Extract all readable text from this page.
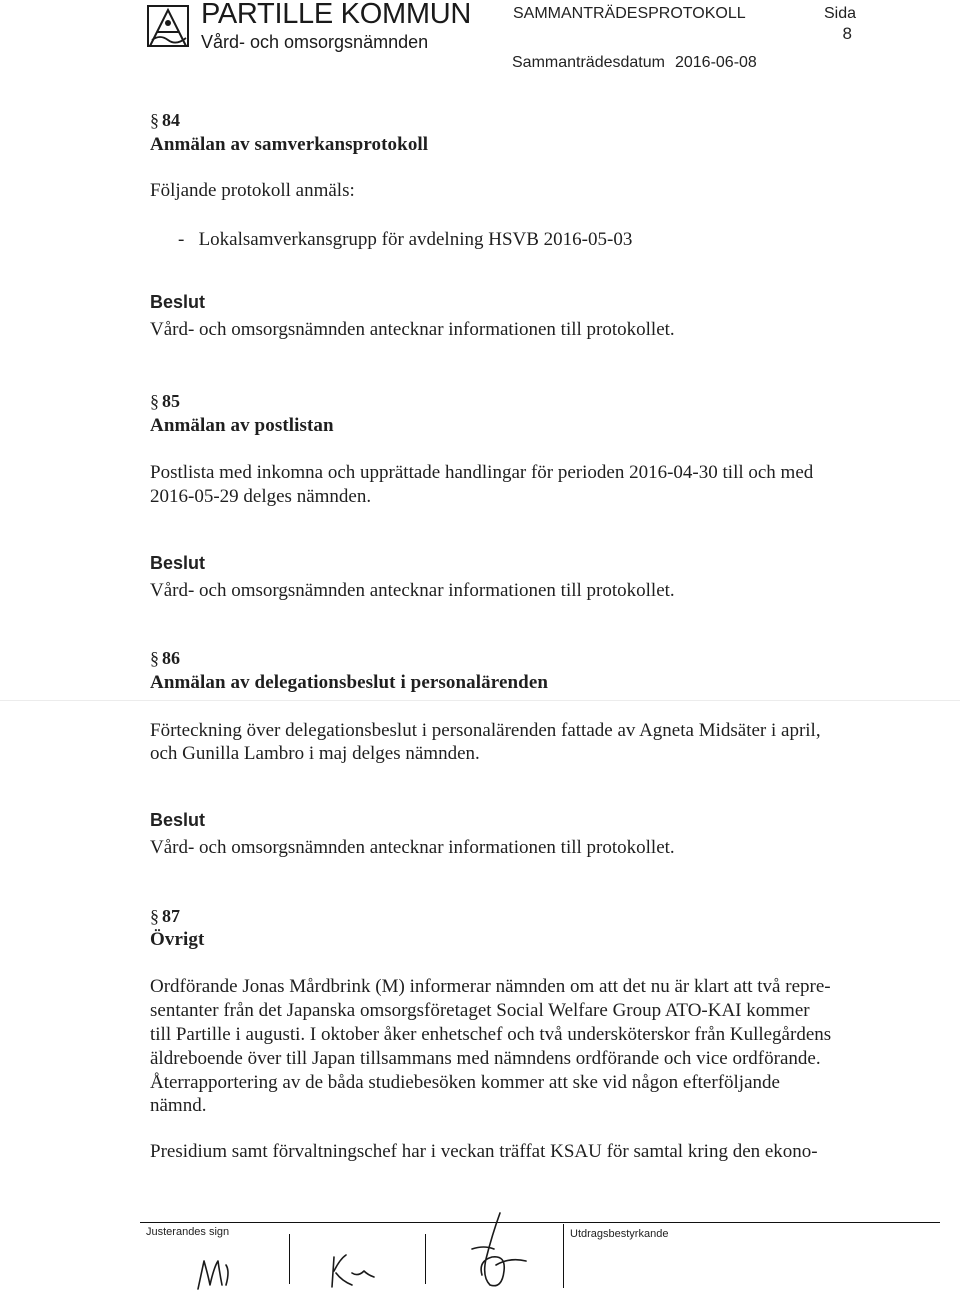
PARTILLE KOMMUN
Vård- och omsorgsnämnden
SAMMANTRÄDESPROTOKOLL	Sida
8
Sammanträdesdatum 2016-06-08
§ 84
Anmälan av samverkansprotokoll
Följande protokoll anmäls:
-   Lokalsamverkansgrupp för avdelning HSVB 2016-05-03
Beslut
Vård- och omsorgsnämnden antecknar informationen till protokollet.
§ 85
Anmälan av postlistan
Postlista med inkomna och upprättade handlingar för perioden 2016-04-30 till och med
2016-05-29 delges nämnden.
Beslut
Vård- och omsorgsnämnden antecknar informationen till protokollet.
§ 86
Anmälan av delegationsbeslut i personalärenden
Förteckning över delegationsbeslut i personalärenden fattade av Agneta Midsäter i april,
och Gunilla Lambro i maj delges nämnden.
Beslut
Vård- och omsorgsnämnden antecknar informationen till protokollet.
§ 87
Övrigt
Ordförande Jonas Mårdbrink (M) informerar nämnden om att det nu är klart att två repre-
sentanter från det Japanska omsorgsföretaget Social Welfare Group ATO-KAI kommer
till Partille i augusti. I oktober åker enhetschef och två undersköterskor från Kullegårdens
äldreboende över till Japan tillsammans med nämndens ordförande och vice ordförande.
Återrapportering av de båda studiebesöken kommer att ske vid någon efterföljande
nämnd.
Presidium samt förvaltningschef har i veckan träffat KSAU för samtal kring den ekono-
Justerandes sign	Utdragsbestyrkande
